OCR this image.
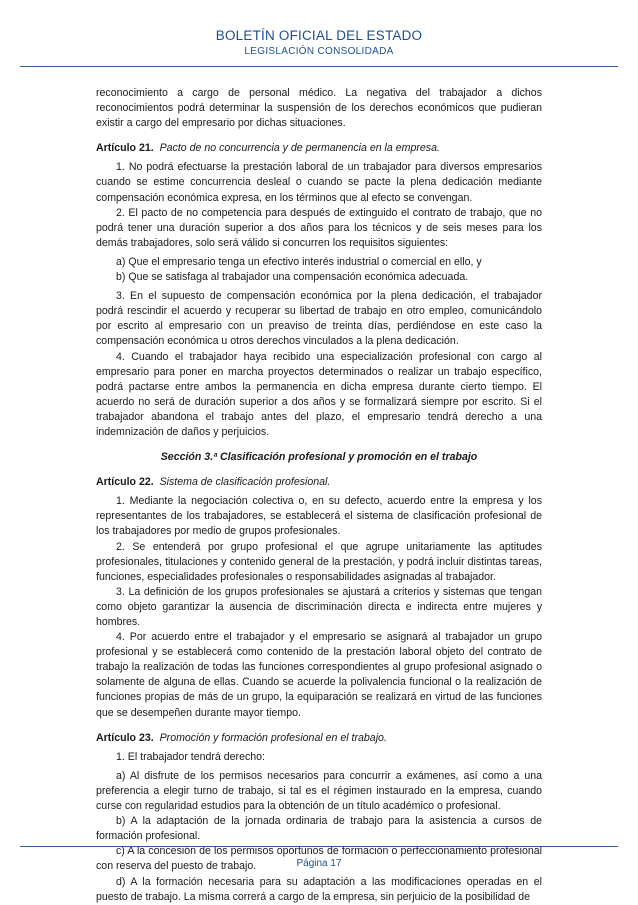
BOLETÍN OFICIAL DEL ESTADO
LEGISLACIÓN CONSOLIDADA

reconocimiento a cargo de personal médico. La negativa del trabajador a dichos reconocimientos podrá determinar la suspensión de los derechos económicos que pudieran existir a cargo del empresario por dichas situaciones.

Artículo 21. Pacto de no concurrencia y de permanencia en la empresa.

1. No podrá efectuarse la prestación laboral de un trabajador para diversos empresarios cuando se estime concurrencia desleal o cuando se pacte la plena dedicación mediante compensación económica expresa, en los términos que al efecto se convengan.

2. El pacto de no competencia para después de extinguido el contrato de trabajo, que no podrá tener una duración superior a dos años para los técnicos y de seis meses para los demás trabajadores, solo será válido si concurren los requisitos siguientes:

a) Que el empresario tenga un efectivo interés industrial o comercial en ello, y

b) Que se satisfaga al trabajador una compensación económica adecuada.

3. En el supuesto de compensación económica por la plena dedicación, el trabajador podrá rescindir el acuerdo y recuperar su libertad de trabajo en otro empleo, comunicándolo por escrito al empresario con un preaviso de treinta días, perdiéndose en este caso la compensación económica u otros derechos vinculados a la plena dedicación.

4. Cuando el trabajador haya recibido una especialización profesional con cargo al empresario para poner en marcha proyectos determinados o realizar un trabajo específico, podrá pactarse entre ambos la permanencia en dicha empresa durante cierto tiempo. El acuerdo no será de duración superior a dos años y se formalizará siempre por escrito. Si el trabajador abandona el trabajo antes del plazo, el empresario tendrá derecho a una indemnización de daños y perjuicios.

Sección 3.ª Clasificación profesional y promoción en el trabajo

Artículo 22. Sistema de clasificación profesional.

1. Mediante la negociación colectiva o, en su defecto, acuerdo entre la empresa y los representantes de los trabajadores, se establecerá el sistema de clasificación profesional de los trabajadores por medio de grupos profesionales.

2. Se entenderá por grupo profesional el que agrupe unitariamente las aptitudes profesionales, titulaciones y contenido general de la prestación, y podrá incluir distintas tareas, funciones, especialidades profesionales o responsabilidades asignadas al trabajador.

3. La definición de los grupos profesionales se ajustará a criterios y sistemas que tengan como objeto garantizar la ausencia de discriminación directa e indirecta entre mujeres y hombres.

4. Por acuerdo entre el trabajador y el empresario se asignará al trabajador un grupo profesional y se establecerá como contenido de la prestación laboral objeto del contrato de trabajo la realización de todas las funciones correspondientes al grupo profesional asignado o solamente de alguna de ellas. Cuando se acuerde la polivalencia funcional o la realización de funciones propias de más de un grupo, la equiparación se realizará en virtud de las funciones que se desempeñen durante mayor tiempo.

Artículo 23. Promoción y formación profesional en el trabajo.

1. El trabajador tendrá derecho:

a) Al disfrute de los permisos necesarios para concurrir a exámenes, así como a una preferencia a elegir turno de trabajo, si tal es el régimen instaurado en la empresa, cuando curse con regularidad estudios para la obtención de un título académico o profesional.

b) A la adaptación de la jornada ordinaria de trabajo para la asistencia a cursos de formación profesional.

c) A la concesión de los permisos oportunos de formación o perfeccionamiento profesional con reserva del puesto de trabajo.

d) A la formación necesaria para su adaptación a las modificaciones operadas en el puesto de trabajo. La misma correrá a cargo de la empresa, sin perjuicio de la posibilidad de

Página 17
